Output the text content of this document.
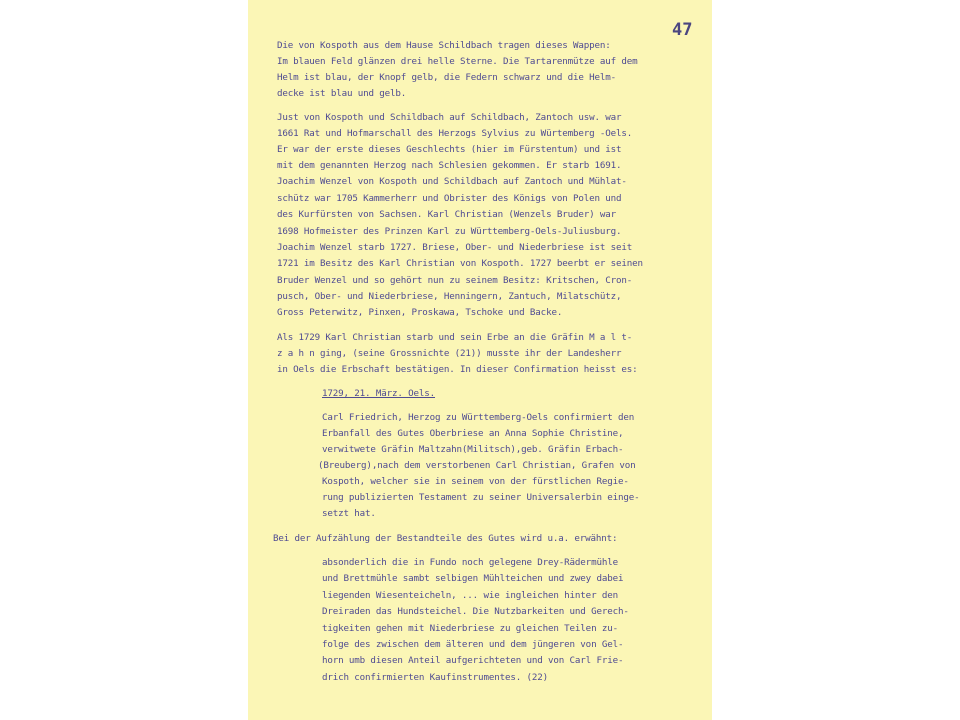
47
Die von Kospoth aus dem Hause Schildbach tragen dieses Wappen:
Im blauen Feld glänzen drei helle Sterne. Die Tartarenmütze auf dem
Helm ist blau, der Knopf gelb, die Federn schwarz und die Helm-
decke ist blau und gelb.
Just von Kospoth und Schildbach auf Schildbach, Zantoch usw. war
1661 Rat und Hofmarschall des Herzogs Sylvius zu Würtemberg -Oels.
Er war der erste dieses Geschlechts (hier im Fürstentum) und ist
mit dem genannten Herzog nach Schlesien gekommen. Er starb 1691.
Joachim Wenzel von Kospoth und Schildbach auf Zantoch und Mühlat-
schütz war 1705 Kammerherr und Obrister des Königs von Polen und
des Kurfürsten von Sachsen. Karl Christian (Wenzels Bruder) war
1698 Hofmeister des Prinzen Karl zu Württemberg-Oels-Juliusburg.
Joachim Wenzel starb 1727. Briese, Ober- und Niederbriese ist seit
1721 im Besitz des Karl Christian von Kospoth. 1727 beerbt er seinen
Bruder Wenzel und so gehört nun zu seinem Besitz: Kritschen, Cron-
pusch, Ober- und Niederbriese, Henningern, Zantuch, Milatschütz,
Gross Peterwitz, Pinxen, Proskawa, Tschoke und Backe.
Als 1729 Karl Christian starb und sein Erbe an die Gräfin M a l t-
z a h n ging, (seine Grossnichte (21)) musste ihr der Landesherr
in Oels die Erbschaft bestätigen. In dieser Confirmation heisst es:
1729, 21. März. Oels.
Carl Friedrich, Herzog zu Württemberg-Oels confirmiert den
Erbanfall des Gutes Oberbriese an Anna Sophie Christine,
verwitwete Gräfin Maltzahn(Militsch),geb. Gräfin Erbach-
(Breuberg),nach dem verstorbenen Carl Christian, Grafen von
Kospoth, welcher sie in seinem von der fürstlichen Regie-
rung publizierten Testament zu seiner Universalerbin einge-
setzt hat.
Bei der Aufzählung der Bestandteile des Gutes wird u.a. erwähnt:
absonderlich die in Fundo noch gelegene Drey-Rädermühle
und Brettmühle sambt selbigen Mühlteichen und zwey dabei
liegenden Wiesenteicheln, ... wie ingleichen hinter den
Dreiraden das Hundsteichel. Die Nutzbarkeiten und Gerech-
tigkeiten gehen mit Niederbriese zu gleichen Teilen zu-
folge des zwischen dem älteren und dem jüngeren von Gel-
horn umb diesen Anteil aufgerichteten und von Carl Frie-
drich confirmierten Kaufinstrumentes. (22)
